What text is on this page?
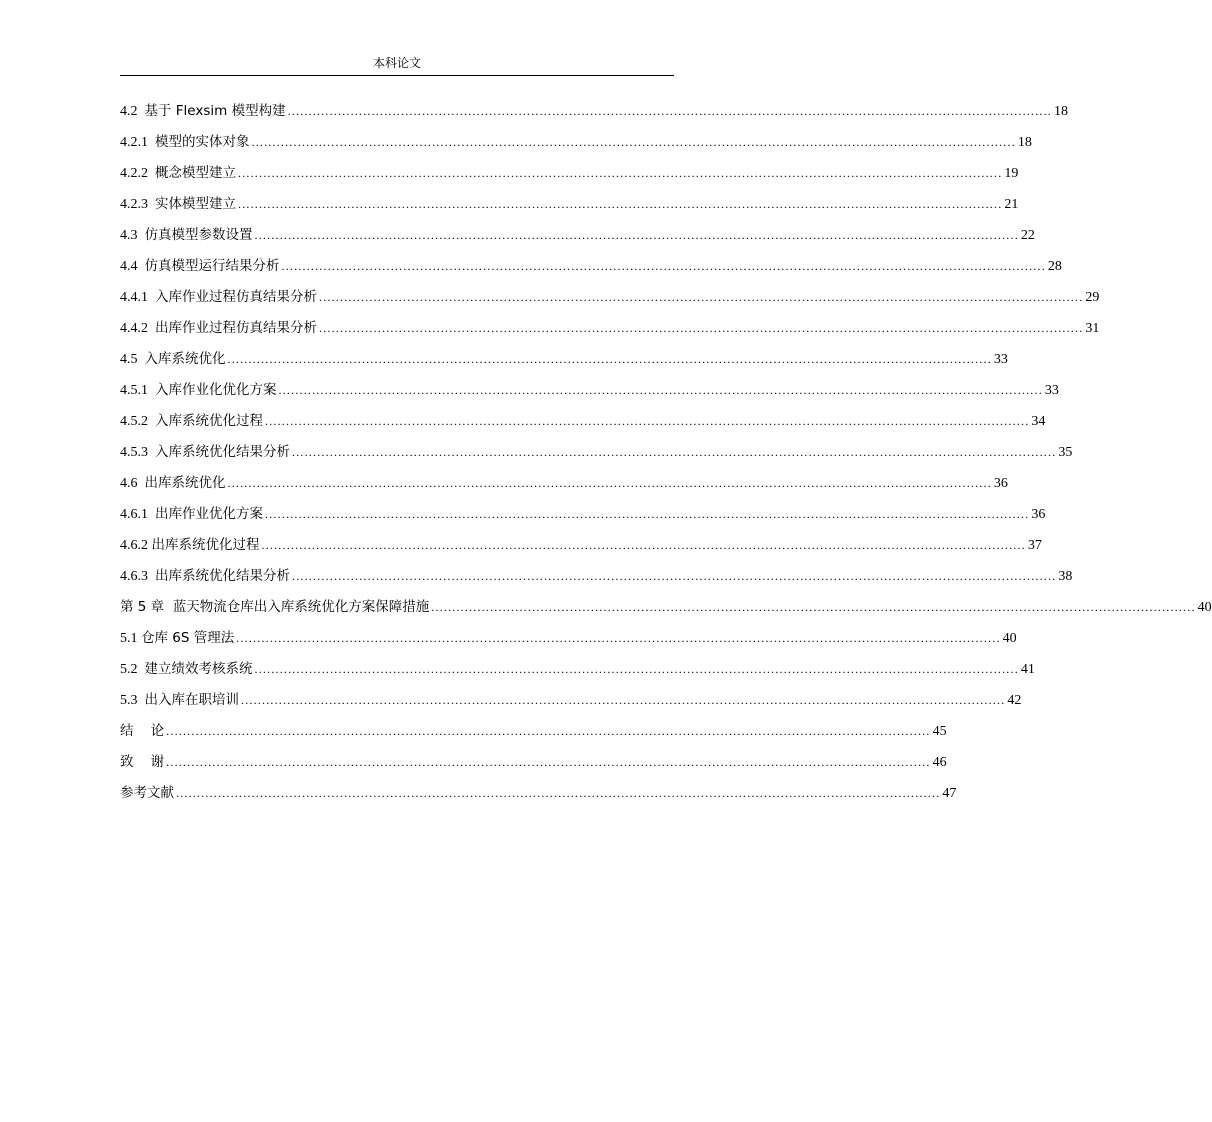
本科论文
4.2 基于 Flexsim 模型构建 ...................................................................................................................................................................................... 18
4.2.1 模型的实体对象 ...................................................................................................................................................................................... 18
4.2.2 概念模型建立 ...................................................................................................................................................................................... 19
4.2.3 实体模型建立 ...................................................................................................................................................................................... 21
4.3 仿真模型参数设置 ...................................................................................................................................................................................... 22
4.4 仿真模型运行结果分析 ...................................................................................................................................................................................... 28
4.4.1 入库作业过程仿真结果分析 ...................................................................................................................................................................................... 29
4.4.2 出库作业过程仿真结果分析 ...................................................................................................................................................................................... 31
4.5 入库系统优化 ...................................................................................................................................................................................... 33
4.5.1 入库作业化优化方案 ...................................................................................................................................................................................... 33
4.5.2 入库系统优化过程 ...................................................................................................................................................................................... 34
4.5.3 入库系统优化结果分析 ...................................................................................................................................................................................... 35
4.6 出库系统优化 ...................................................................................................................................................................................... 36
4.6.1 出库作业优化方案 ...................................................................................................................................................................................... 36
4.6.2 出库系统优化过程 ...................................................................................................................................................................................... 37
4.6.3 出库系统优化结果分析 ...................................................................................................................................................................................... 38
第 5 章  蓝天物流仓库出入库系统优化方案保障措施 ...................................................................................................................................................................................... 40
5.1 仓库 6S 管理法 ...................................................................................................................................................................................... 40
5.2 建立绩效考核系统 ...................................................................................................................................................................................... 41
5.3 出入库在职培训 ...................................................................................................................................................................................... 42
结    论 ...................................................................................................................................................................................... 45
致    谢 ...................................................................................................................................................................................... 46
参考文献 ...................................................................................................................................................................................... 47
